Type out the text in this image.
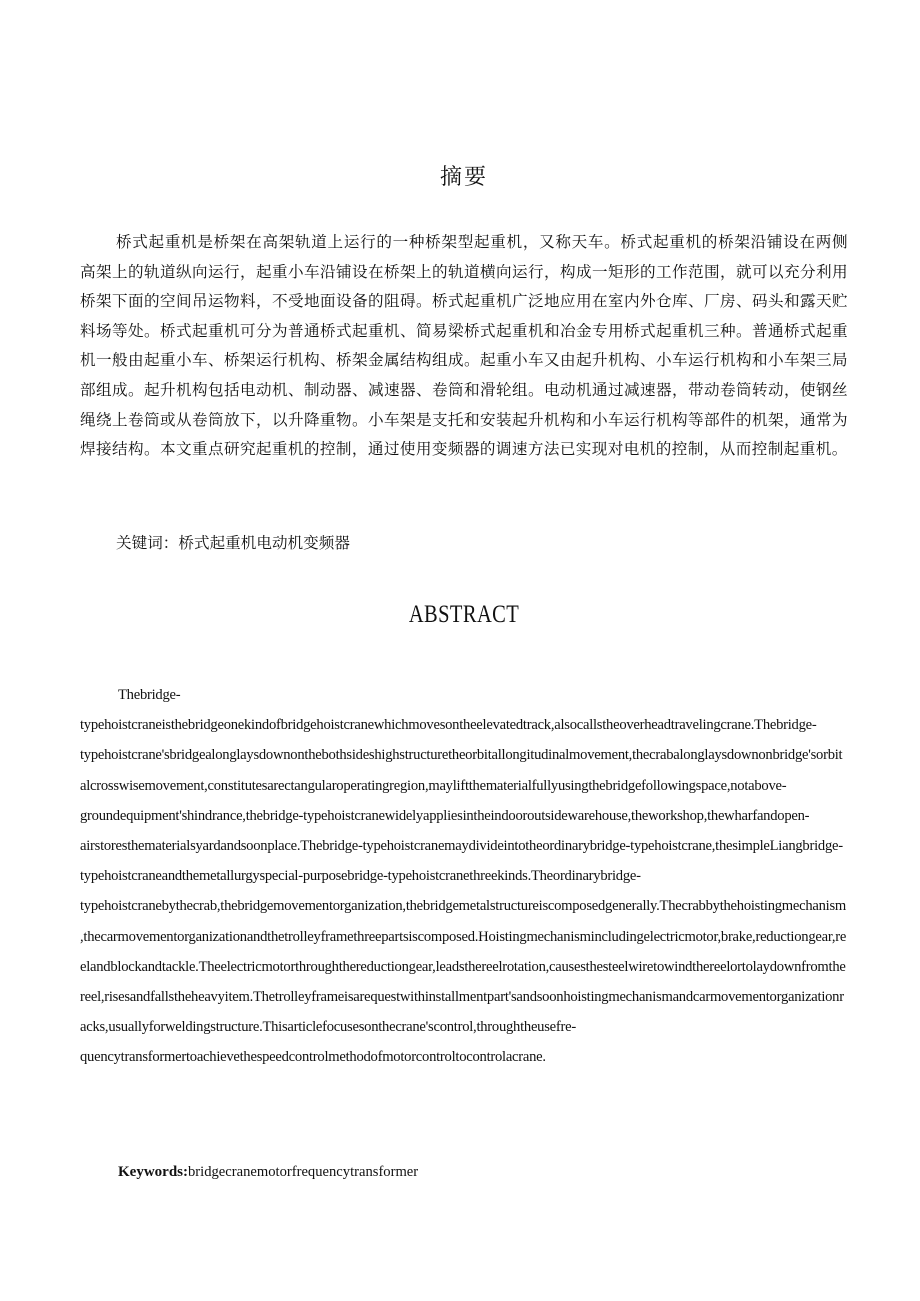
摘要

桥式起重机是桥架在高架轨道上运行的一种桥架型起重机，又称天车。桥式起重机的桥架沿铺设在两侧高架上的轨道纵向运行，起重小车沿铺设在桥架上的轨道横向运行，构成一矩形的工作范围，就可以充分利用桥架下面的空间吊运物料，不受地面设备的阻碍。桥式起重机广泛地应用在室内外仓库、厂房、码头和露天贮料场等处。桥式起重机可分为普通桥式起重机、简易梁桥式起重机和冶金专用桥式起重机三种。普通桥式起重机一般由起重小车、桥架运行机构、桥架金属结构组成。起重小车又由起升机构、小车运行机构和小车架三局部组成。起升机构包括电动机、制动器、减速器、卷筒和滑轮组。电动机通过减速器，带动卷筒转动，使钢丝绳绕上卷筒或从卷筒放下，以升降重物。小车架是支托和安装起升机构和小车运行机构等部件的机架，通常为焊接结构。本文重点研究起重机的控制，通过使用变频器的调速方法已实现对电机的控制，从而控制起重机。

关键词：桥式起重机电动机变频器
ABSTRACT

Thebridge-typehoistcraneisthebridgeonekindofbridgehoistcranewhichmovesontheelevatedtrack,alsocallstheoverheadtravelingcrane.Thebridge-typehoistcrane'sbridgealonglaysdownonthebothsideshighstructuretheorbitallongitudinalmovement,thecrabalonglaysdownonbridge'sorbitalcrosswisemovement,constitutesarectangularoperatingregion,mayliftthematerialfullyusingthebridgefollowingspace,notabove-groundequipment'shindrance,thebridge-typehoistcranewidelyappliesintheindooroutsidewarehouse,theworkshop,thewharfandopen-airstoresthematerialsyardandsoonplace.Thebridge-typehoistcranemaydivideintotheordinarybridge-typehoistcrane,thesimpleLiangbridge-typehoistcraneandthemetallurgyspecial-purposebridge-typehoistcranethreekinds.Theordinarybridge-typehoistcranebythecrab,thebridgemovementorganization,thebridgemetalstructureiscomposedgenerally.Thecrabbythehoistingmechanism,thecarmovementorganizationandthetrolleyframethreepartsiscomposed.Hoistingmechanismincludingelectricmotor,brake,reductiongear,reelandblockandtackle.Theelectricmotorthroughthereductiongear,leadsthereelrotation,causesthesteelwiretowindthereelortolaydownfromthereel,risesandfallstheheavyitem.Thetrolleyframeisarequestwithinstallmentpart'sandsoonhoistingmechanismandcarmovementorganizationracks,usuallyforweldingstructure.Thisarticlefocusesonthecrane'scontrol,throughtheusefre-quencytransformertoachievethespeedcontrolmethodofmotorcontroltocontrolacrane.

Keywords:bridgecranemotorfrequencytransformer
